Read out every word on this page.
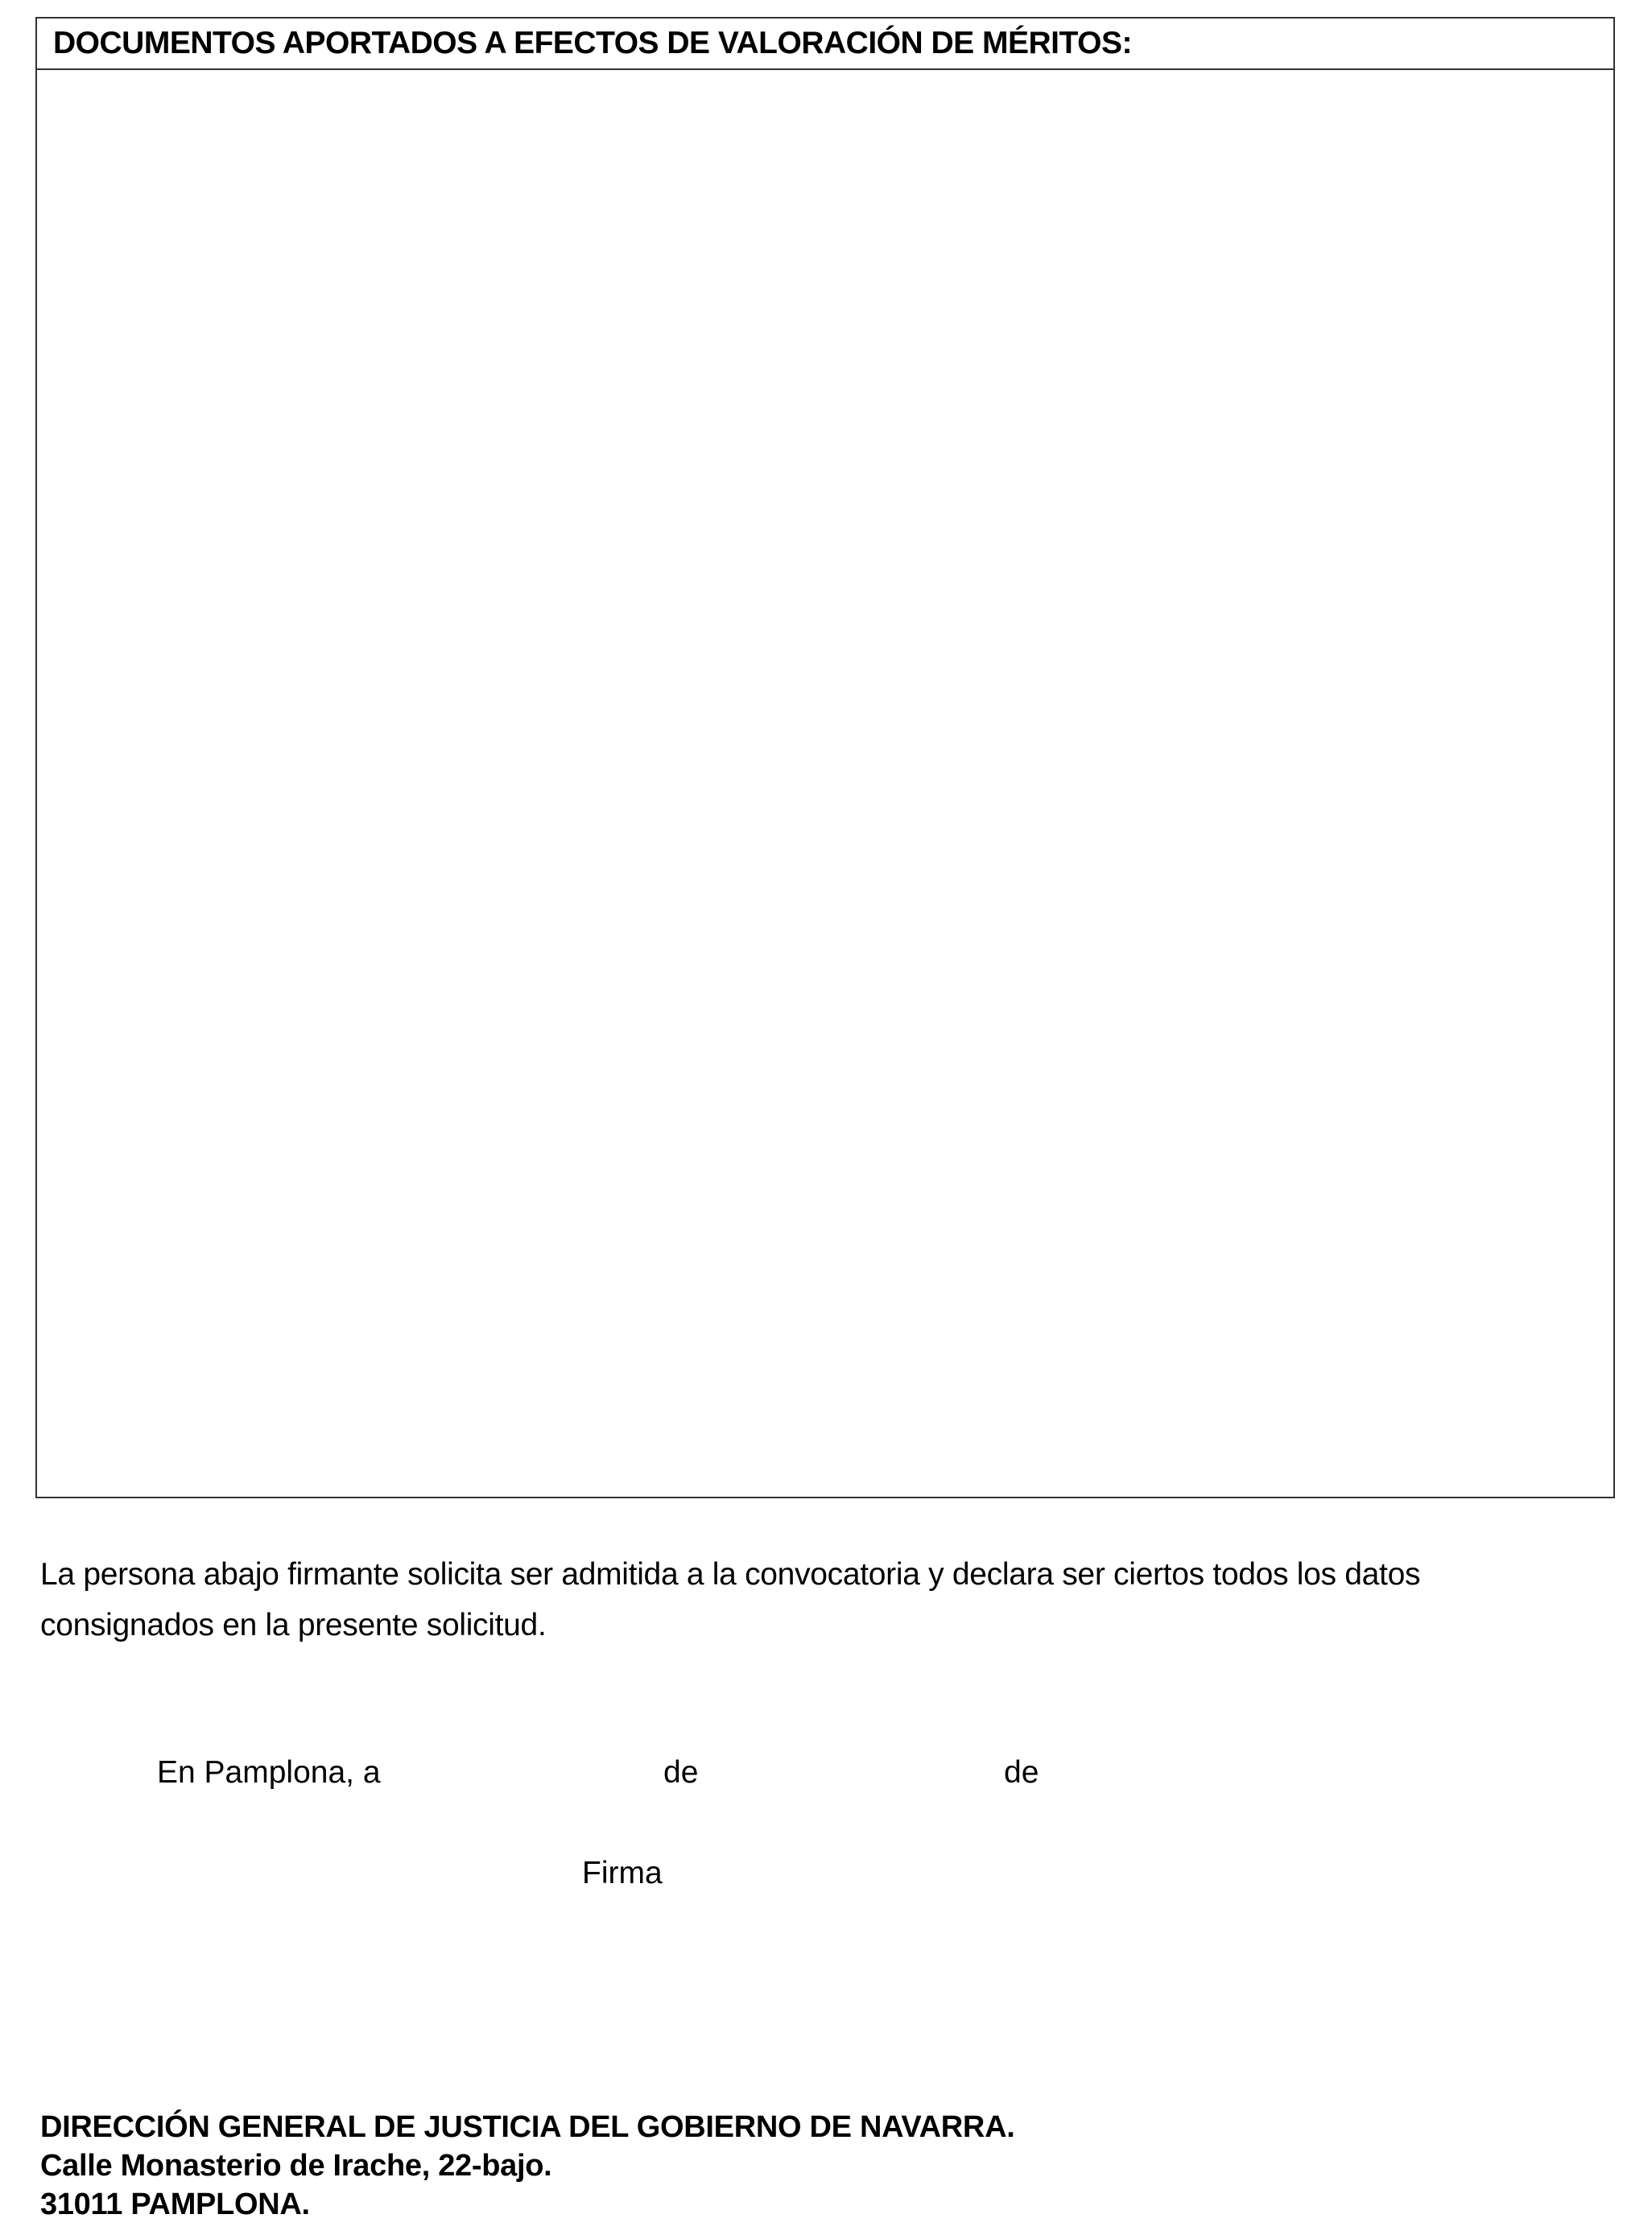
DOCUMENTOS APORTADOS A EFECTOS DE VALORACIÓN DE MÉRITOS:
La persona abajo firmante solicita ser admitida a la convocatoria y declara ser ciertos todos los datos
consignados en la presente solicitud.
En Pamplona, a	de	de
Firma
DIRECCIÓN GENERAL DE JUSTICIA DEL GOBIERNO DE NAVARRA.
Calle Monasterio de Irache, 22-bajo.
31011 PAMPLONA.
